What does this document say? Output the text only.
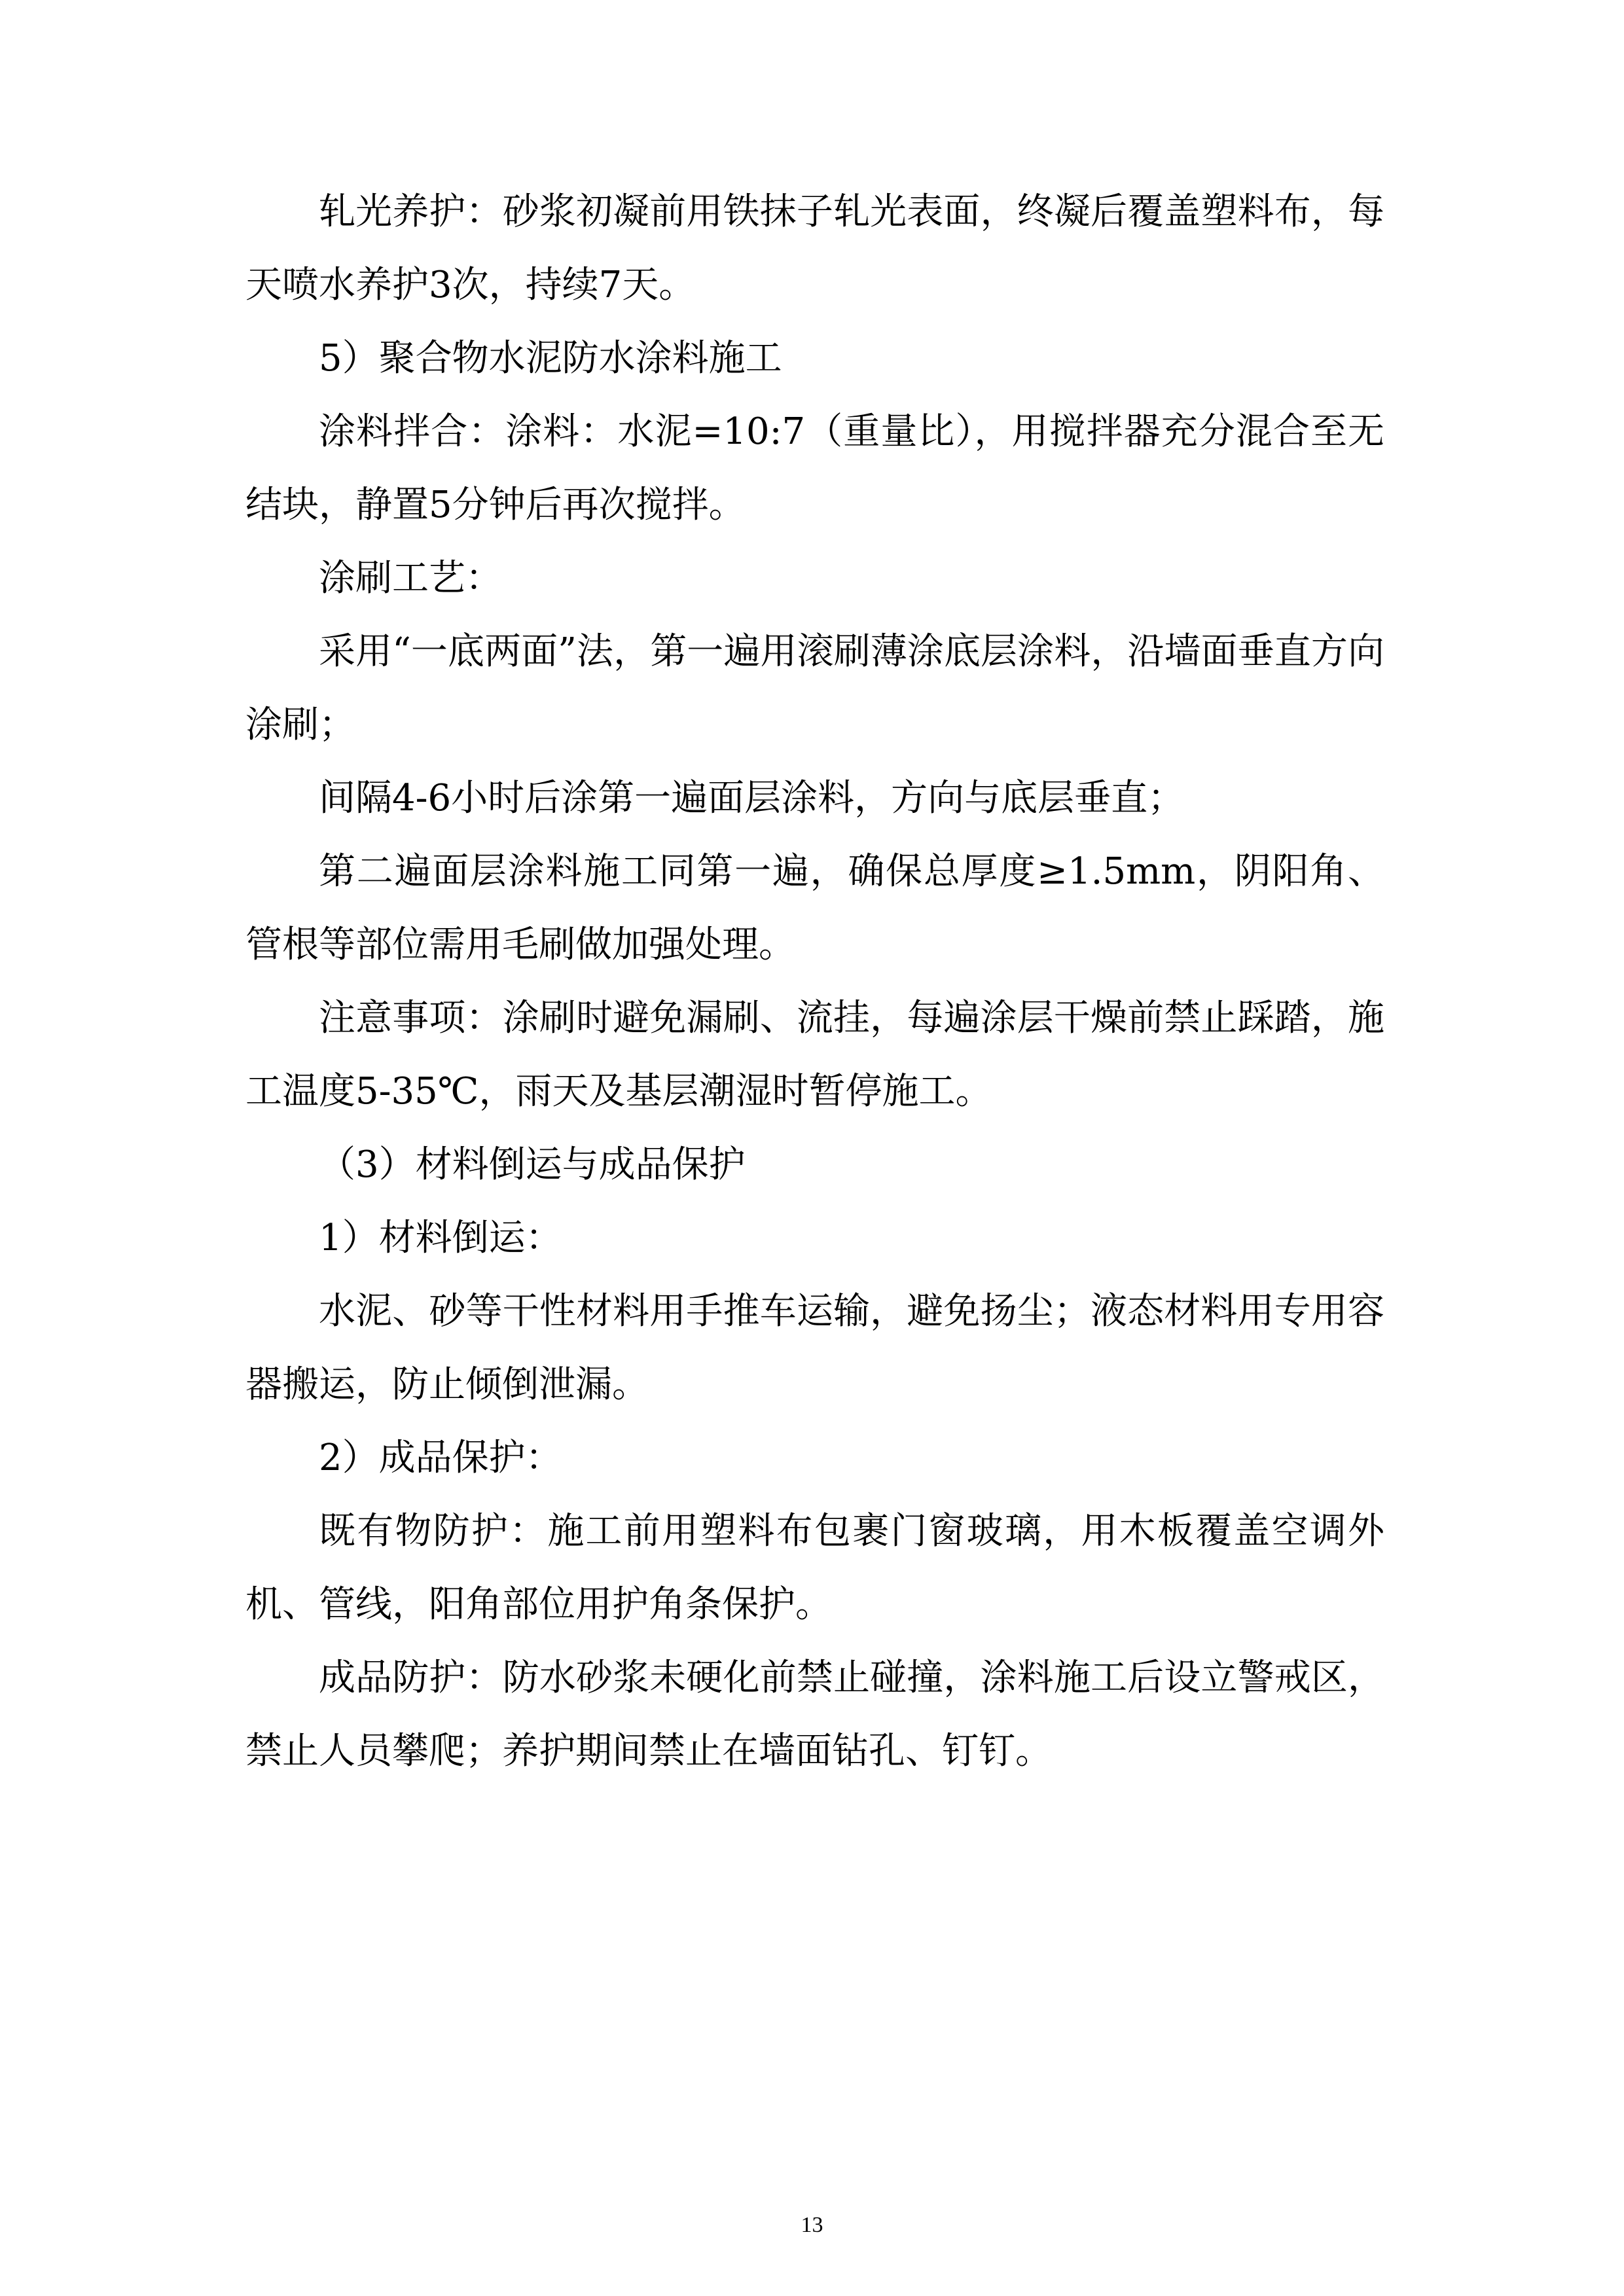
轧光养护：砂浆初凝前用铁抹子轧光表面，终凝后覆盖塑料布，每天喷水养护3次，持续7天。

5）聚合物水泥防水涂料施工

涂料拌合：涂料：水泥=10:7（重量比），用搅拌器充分混合至无结块，静置5分钟后再次搅拌。

涂刷工艺：

采用“一底两面”法，第一遍用滚刷薄涂底层涂料，沿墙面垂直方向涂刷；

间隔4-6小时后涂第一遍面层涂料，方向与底层垂直；

第二遍面层涂料施工同第一遍，确保总厚度≥1.5mm，阴阳角、管根等部位需用毛刷做加强处理。

注意事项：涂刷时避免漏刷、流挂，每遍涂层干燥前禁止踩踏，施工温度5-35℃，雨天及基层潮湿时暂停施工。

（3）材料倒运与成品保护

1）材料倒运：

水泥、砂等干性材料用手推车运输，避免扬尘；液态材料用专用容器搬运，防止倾倒泄漏。

2）成品保护：

既有物防护：施工前用塑料布包裹门窗玻璃，用木板覆盖空调外机、管线，阳角部位用护角条保护。

成品防护：防水砂浆未硬化前禁止碰撞，涂料施工后设立警戒区，禁止人员攀爬；养护期间禁止在墙面钻孔、钉钉。

13
